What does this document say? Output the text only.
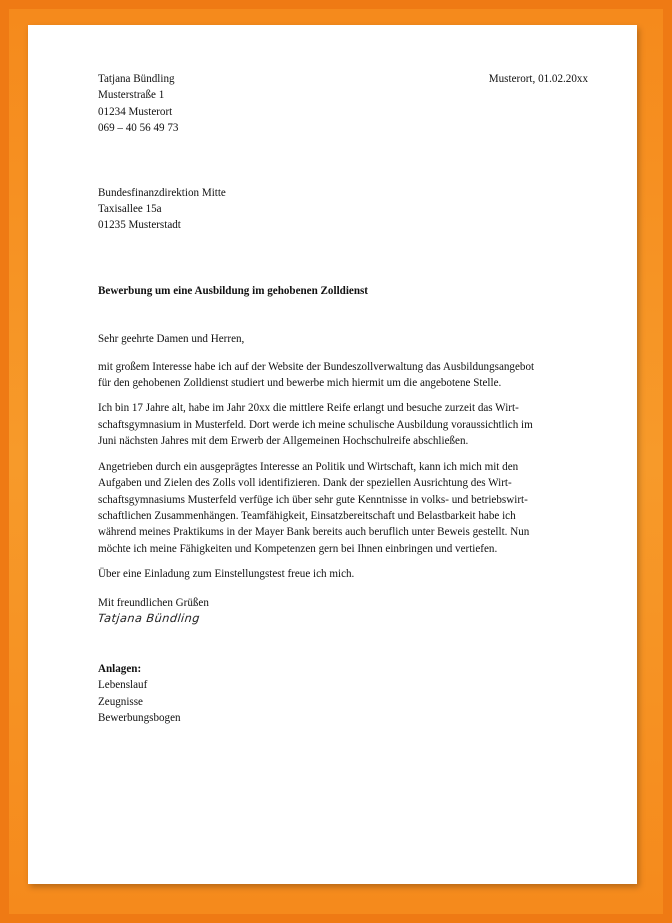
Musterort, 01.02.20xx
Tatjana Bündling
Musterstraße 1
01234 Musterort
069 – 40 56 49 73
Bundesfinanzdirektion Mitte
Taxisallee 15a
01235 Musterstadt
Bewerbung um eine Ausbildung im gehobenen Zolldienst
Sehr geehrte Damen und Herren,
mit großem Interesse habe ich auf der Website der Bundeszollverwaltung das Ausbildungsangebot
für den gehobenen Zolldienst studiert und bewerbe mich hiermit um die angebotene Stelle.
Ich bin 17 Jahre alt, habe im Jahr 20xx die mittlere Reife erlangt und besuche zurzeit das Wirt-
schaftsgymnasium in Musterfeld. Dort werde ich meine schulische Ausbildung voraussichtlich im
Juni nächsten Jahres mit dem Erwerb der Allgemeinen Hochschulreife abschließen.
Angetrieben durch ein ausgeprägtes Interesse an Politik und Wirtschaft, kann ich mich mit den
Aufgaben und Zielen des Zolls voll identifizieren. Dank der speziellen Ausrichtung des Wirt-
schaftsgymnasiums Musterfeld verfüge ich über sehr gute Kenntnisse in volks- und betriebswirt-
schaftlichen Zusammenhängen. Teamfähigkeit, Einsatzbereitschaft und Belastbarkeit habe ich
während meines Praktikums in der Mayer Bank bereits auch beruflich unter Beweis gestellt. Nun
möchte ich meine Fähigkeiten und Kompetenzen gern bei Ihnen einbringen und vertiefen.
Über eine Einladung zum Einstellungstest freue ich mich.
Mit freundlichen Grüßen
Tatjana Bündling
Anlagen:
Lebenslauf
Zeugnisse
Bewerbungsbogen
